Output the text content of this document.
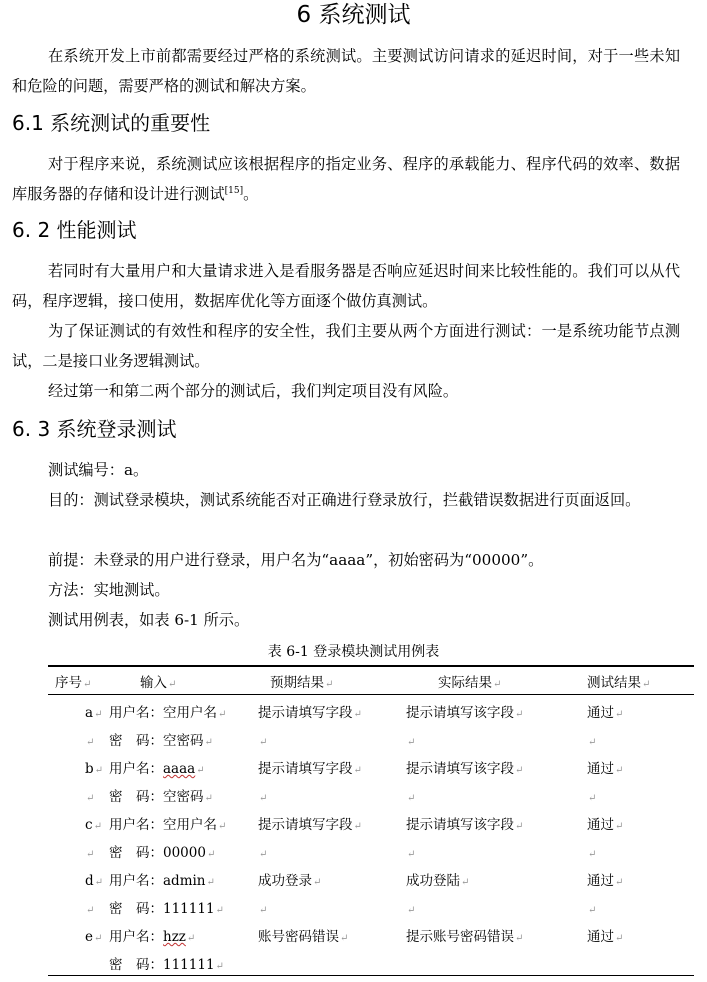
6 系统测试
在系统开发上市前都需要经过严格的系统测试。主要测试访问请求的延迟时间，对于一些未知和危险的问题，需要严格的测试和解决方案。
6.1 系统测试的重要性
对于程序来说，系统测试应该根据程序的指定业务、程序的承载能力、程序代码的效率、数据库服务器的存储和设计进行测试[15]。
6. 2 性能测试
若同时有大量用户和大量请求进入是看服务器是否响应延迟时间来比较性能的。我们可以从代码，程序逻辑，接口使用，数据库优化等方面逐个做仿真测试。
为了保证测试的有效性和程序的安全性，我们主要从两个方面进行测试：一是系统功能节点测试，二是接口业务逻辑测试。
经过第一和第二两个部分的测试后，我们判定项目没有风险。
6. 3 系统登录测试
测试编号：a。
目的：测试登录模块，测试系统能否对正确进行登录放行，拦截错误数据进行页面返回。
前提：未登录的用户进行登录，用户名为“aaaa”，初始密码为“00000”。
方法：实地测试。
测试用例表，如表 6-1 所示。
表 6-1 登录模块测试用例表
序号↵	输入↵	预期结果↵	实际结果↵	测试结果↵
a↵ 用户名：空用户名↵ 提示请填写字段↵	提示请填写该字段↵	通过↵
↵ 密　码：空密码↵	↵	↵	↵
b↵ 用户名：aaaa↵	提示请填写字段↵	提示请填写该字段↵	通过↵
↵ 密　码：空密码↵	↵	↵	↵
c↵ 用户名：空用户名↵ 提示请填写字段↵	提示请填写该字段↵	通过↵
↵ 密　码：00000↵	↵	↵	↵
d↵ 用户名：admin↵	成功登录↵	成功登陆↵	通过↵
↵ 密　码：111111↵	↵	↵	↵
e↵ 用户名：hzz↵	账号密码错误↵	提示账号密码错误↵	通过↵
密　码：111111↵
